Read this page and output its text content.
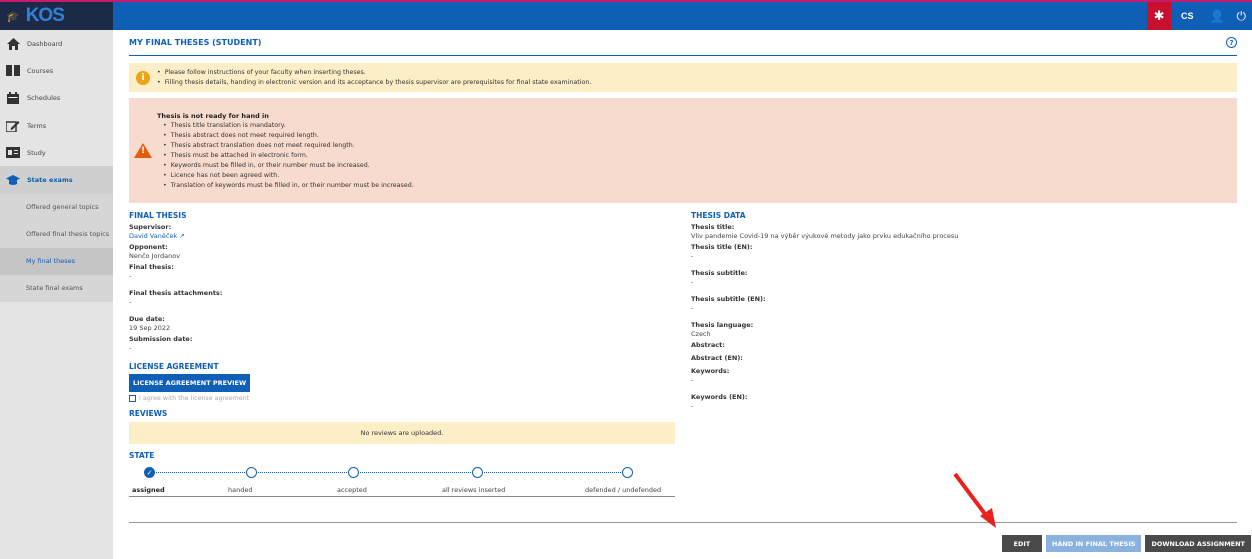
🎓 KOS	✱	CS	👤	⏻
Dashboard
Courses
Schedules
Terms
Study
State exams
Offered general topics
Offered final thesis topics
My final theses
State final exams
MY FINAL THESES (STUDENT)	?
i
• Please follow instructions of your faculty when inserting theses.
• Filling thesis details, handing in electronic version and its acceptance by thesis supervisor are prerequisites for final state examination.
!
Thesis is not ready for hand in
• Thesis title translation is mandatory.
• Thesis abstract does not meet required length.
• Thesis abstract translation does not meet required length.
• Thesis must be attached in electronic form.
• Keywords must be filled in, or their number must be increased.
• Licence has not been agreed with.
• Translation of keywords must be filled in, or their number must be increased.
FINAL THESIS
Supervisor:
David Vaněček ↗
Opponent:
Nenčo Jordanov
Final thesis:
-
Final thesis attachments:
-
Due date:
19 Sep 2022
Submission date:
-
LICENSE AGREEMENT
LICENSE AGREEMENT PREVIEW
I agree with the license agreement
REVIEWS
No reviews are uploaded.
STATE
✓
assigned	handed	accepted	all reviews inserted	defended / undefended
THESIS DATA
Thesis title:
Vliv pandemie Covid-19 na výběr výukové metody jako prvku edukačního procesu
Thesis title (EN):
-
Thesis subtitle:
-
Thesis subtitle (EN):
-
Thesis language:
Czech
Abstract:
Abstract (EN):
Keywords:
-
Keywords (EN):
-
EDIT	HAND IN FINAL THESIS	DOWNLOAD ASSIGNMENT
